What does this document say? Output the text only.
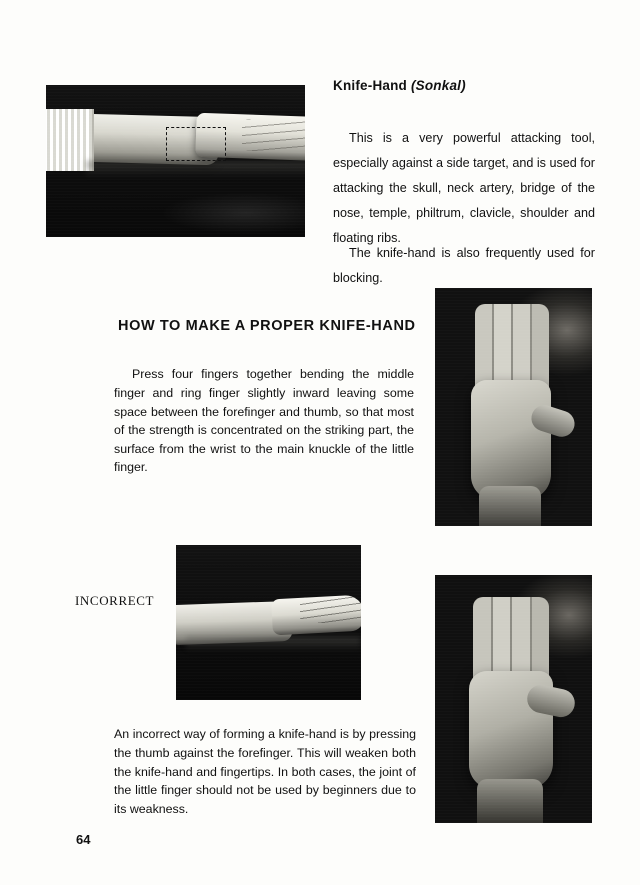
Knife-Hand (Sonkal)

This is a very powerful attacking tool, especially against a side target, and is used for attacking the skull, neck artery, bridge of the nose, temple, philtrum, clavicle, shoulder and floating ribs.

The knife-hand is also frequently used for blocking.

HOW TO MAKE A PROPER KNIFE-HAND

Press four fingers together bending the middle finger and ring finger slightly inward leaving some space between the forefinger and thumb, so that most of the strength is concentrated on the striking part, the surface from the wrist to the main knuckle of the little finger.

INCORRECT

An incorrect way of forming a knife-hand is by pressing the thumb against the forefinger. This will weaken both the knife-hand and fingertips. In both cases, the joint of the little finger should not be used by beginners due to its weakness.

64
